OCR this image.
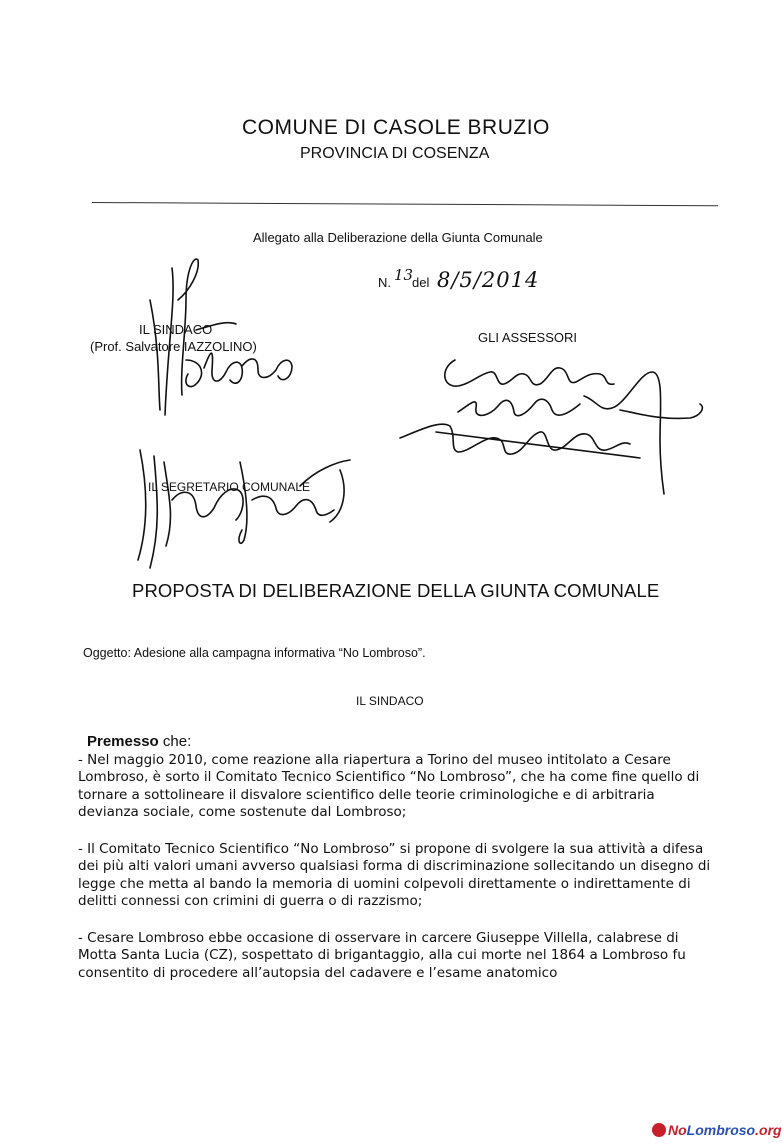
COMUNE DI CASOLE BRUZIO
PROVINCIA DI COSENZA
Allegato alla Deliberazione della Giunta Comunale
N. 13
del 8/5/2014
IL SINDACO
(Prof. Salvatore IAZZOLINO)
GLI ASSESSORI
IL SEGRETARIO COMUNALE
PROPOSTA DI DELIBERAZIONE DELLA GIUNTA COMUNALE
Oggetto: Adesione alla campagna informativa “No Lombroso”.
IL SINDACO
Premesso che:
- Nel maggio 2010, come reazione alla riapertura a Torino del museo intitolato a Cesare Lombroso, è sorto il Comitato Tecnico Scientifico “No Lombroso”, che ha come fine quello di tornare a sottolineare il disvalore scientifico delle teorie criminologiche e di arbitraria devianza sociale, come sostenute dal Lombroso;
- Il Comitato Tecnico Scientifico “No Lombroso” si propone di svolgere la sua attività a difesa dei più alti valori umani avverso qualsiasi forma di discriminazione sollecitando un disegno di legge che metta al bando la memoria di uomini colpevoli direttamente o indirettamente di delitti connessi con crimini di guerra o di razzismo;
- Cesare Lombroso ebbe occasione di osservare in carcere Giuseppe Villella, calabrese di Motta Santa Lucia (CZ), sospettato di brigantaggio, alla cui morte nel 1864 a Lombroso fu consentito di procedere all’autopsia del cadavere e l’esame anatomico
NoLombroso.org
